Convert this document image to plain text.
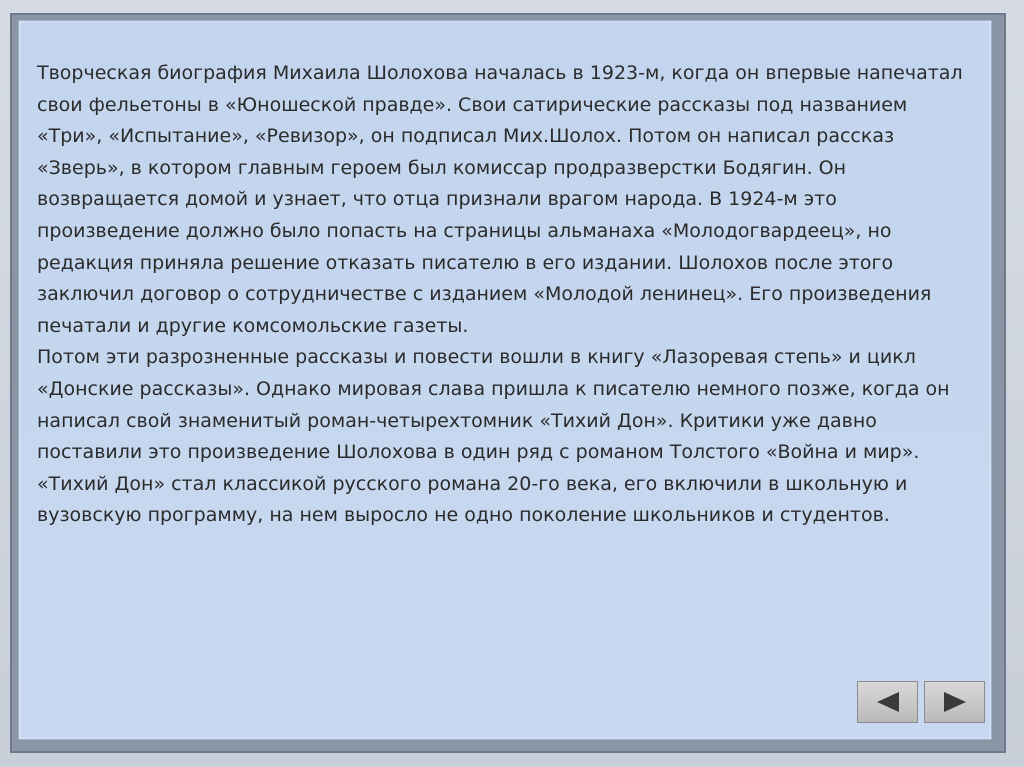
Творческая биография Михаила Шолохова началась в 1923-м, когда он впервые напечатал свои фельетоны в «Юношеской правде». Свои сатирические рассказы под названием «Три», «Испытание», «Ревизор», он подписал Мих.Шолох. Потом он написал рассказ «Зверь», в котором главным героем был комиссар продразверстки Бодягин. Он возвращается домой и узнает, что отца признали врагом народа. В 1924-м это произведение должно было попасть на страницы альманаха «Молодогвардеец», но редакция приняла решение отказать писателю в его издании. Шолохов после этого заключил договор о сотрудничестве с изданием «Молодой ленинец». Его произведения печатали и другие комсомольские газеты.

Потом эти разрозненные рассказы и повести вошли в книгу «Лазоревая степь» и цикл «Донские рассказы». Однако мировая слава пришла к писателю немного позже, когда он написал свой знаменитый роман-четырехтомник «Тихий Дон». Критики уже давно поставили это произведение Шолохова в один ряд с романом Толстого «Война и мир». «Тихий Дон» стал классикой русского романа 20-го века, его включили в школьную и вузовскую программу, на нем выросло не одно поколение школьников и студентов.
